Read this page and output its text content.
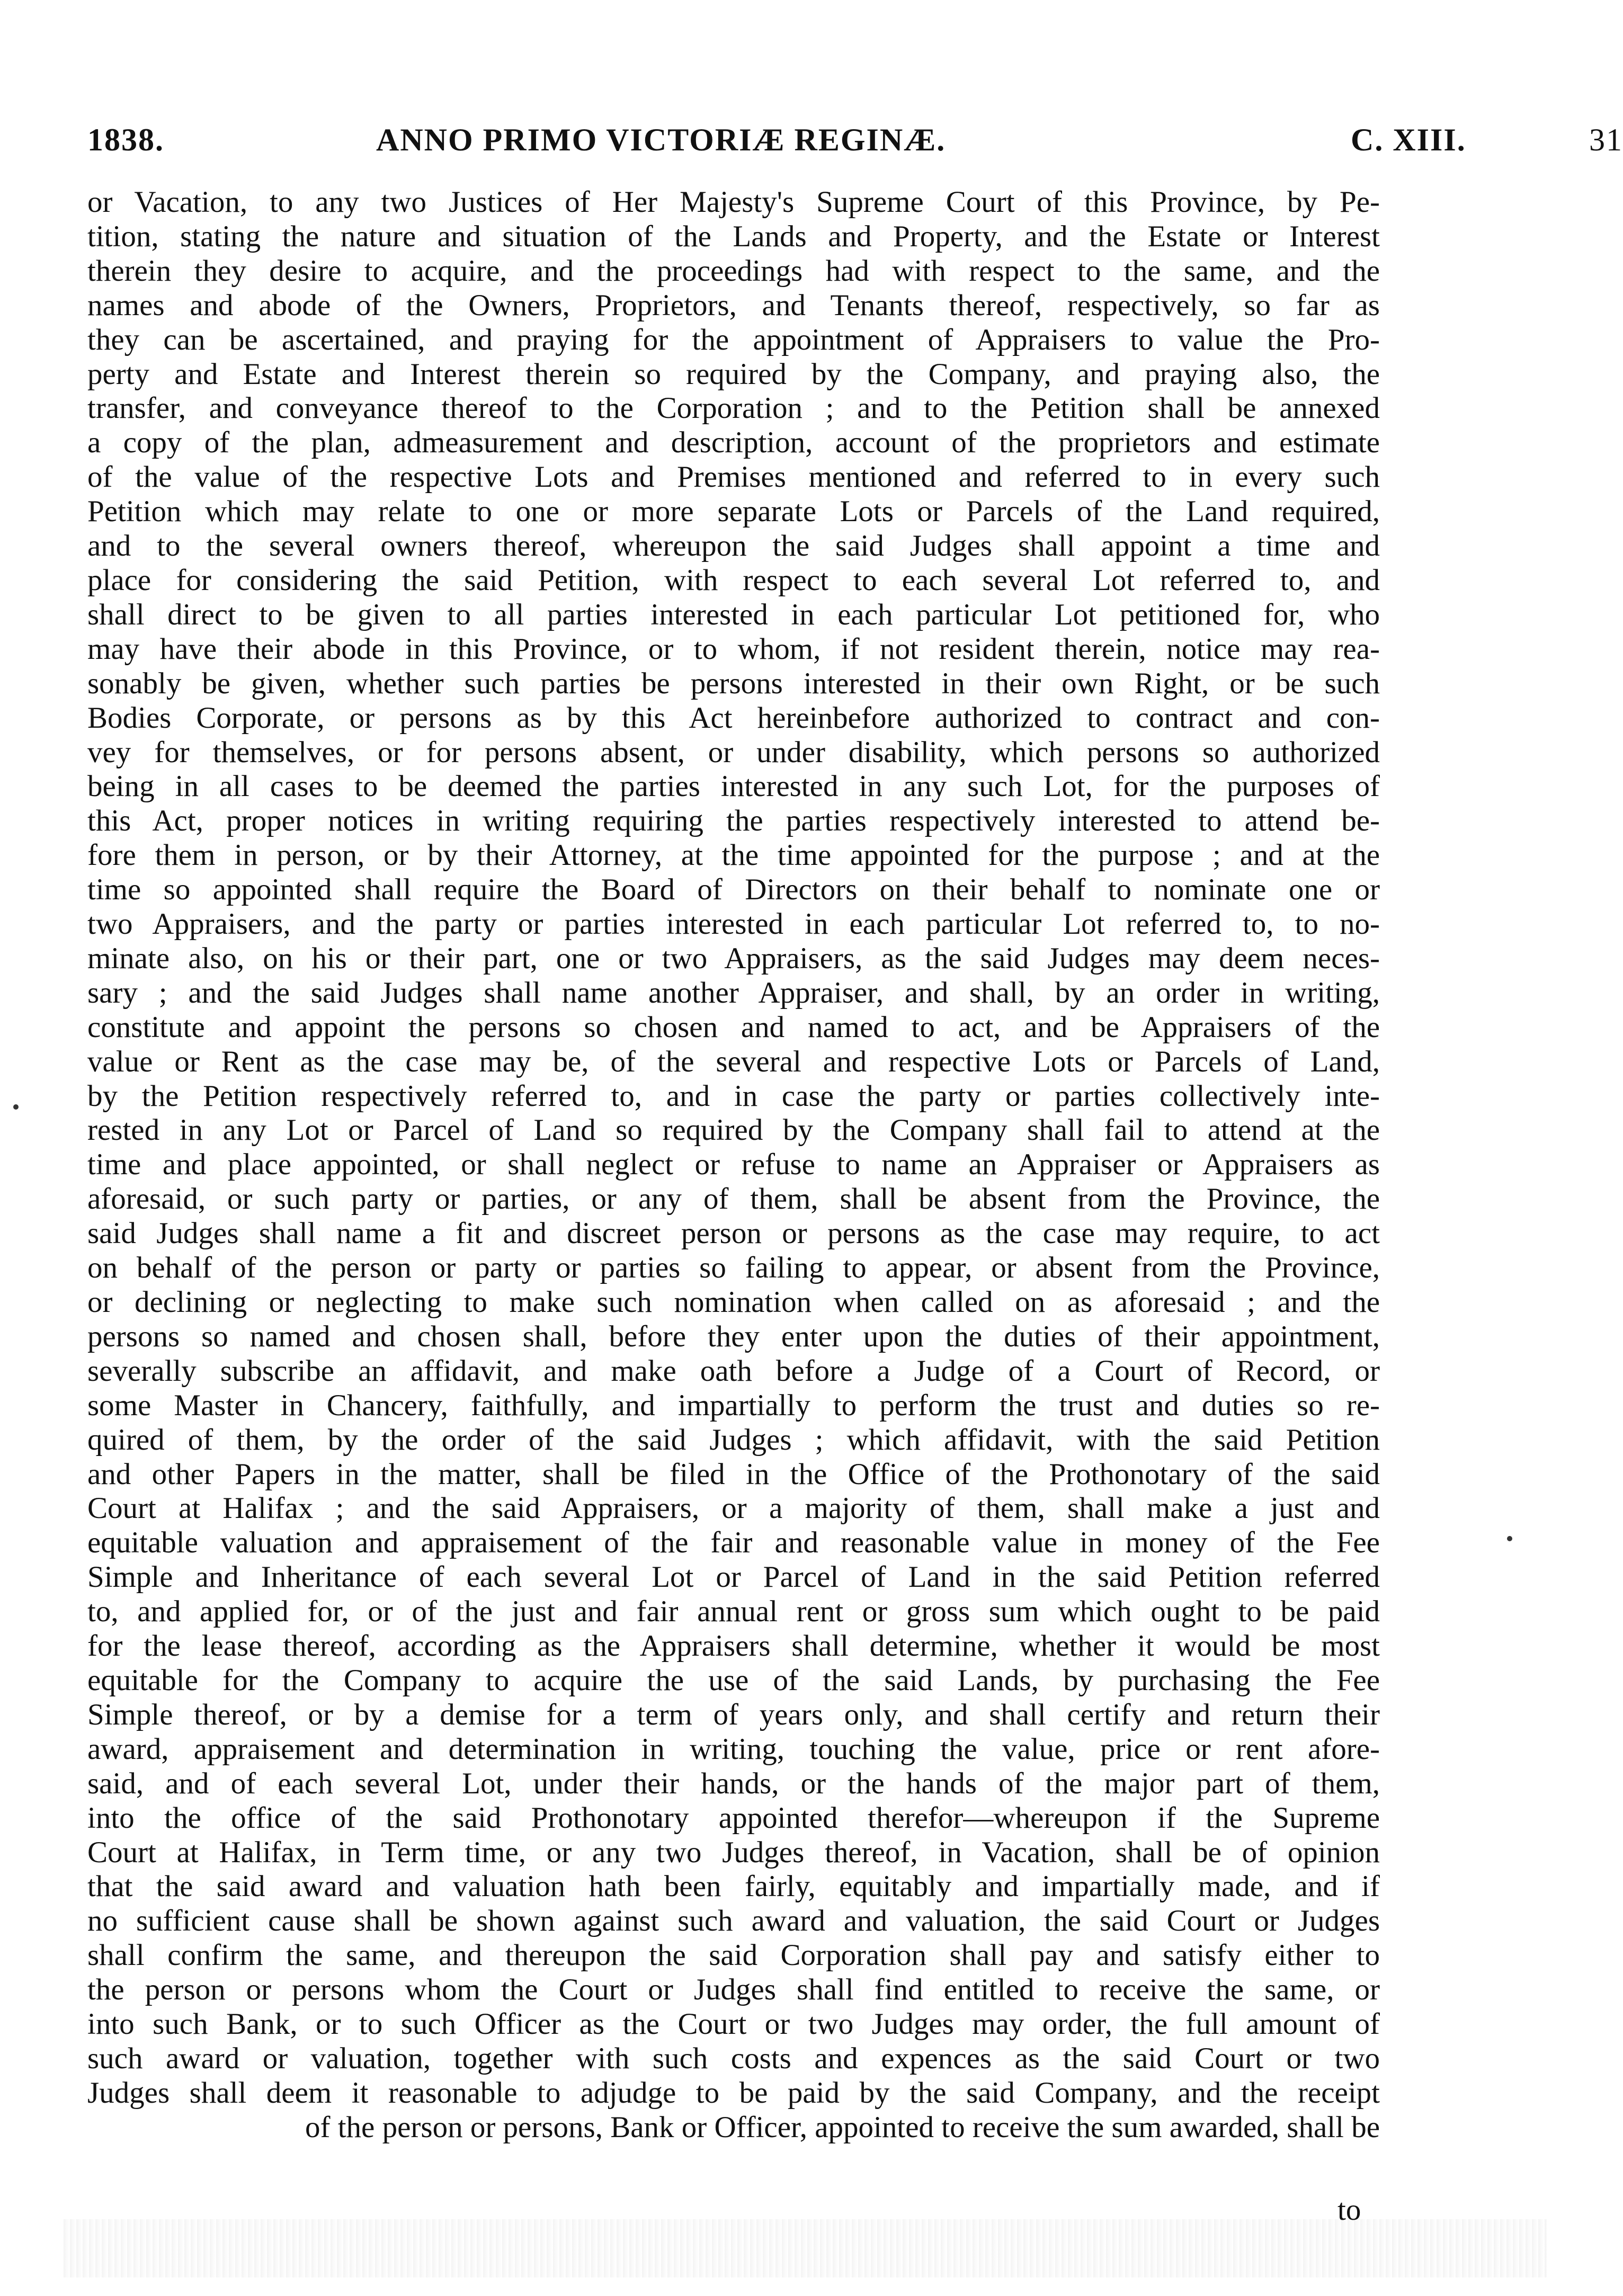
1838.	ANNO PRIMO VICTORIÆ REGINÆ.	C. XIII.	31
or Vacation, to any two Justices of Her Majesty's Supreme Court of this Province, by Pe-
tition, stating the nature and situation of the Lands and Property, and the Estate or Interest
therein they desire to acquire, and the proceedings had with respect to the same, and the
names and abode of the Owners, Proprietors, and Tenants thereof, respectively, so far as
they can be ascertained, and praying for the appointment of Appraisers to value the Pro-
perty and Estate and Interest therein so required by the Company, and praying also, the
transfer, and conveyance thereof to the Corporation ; and to the Petition shall be annexed
a copy of the plan, admeasurement and description, account of the proprietors and estimate
of the value of the respective Lots and Premises mentioned and referred to in every such
Petition which may relate to one or more separate Lots or Parcels of the Land required,
and to the several owners thereof, whereupon the said Judges shall appoint a time and
place for considering the said Petition, with respect to each several Lot referred to, and
shall direct to be given to all parties interested in each particular Lot petitioned for, who
may have their abode in this Province, or to whom, if not resident therein, notice may rea-
sonably be given, whether such parties be persons interested in their own Right, or be such
Bodies Corporate, or persons as by this Act hereinbefore authorized to contract and con-
vey for themselves, or for persons absent, or under disability, which persons so authorized
being in all cases to be deemed the parties interested in any such Lot, for the purposes of
this Act, proper notices in writing requiring the parties respectively interested to attend be-
fore them in person, or by their Attorney, at the time appointed for the purpose ; and at the
time so appointed shall require the Board of Directors on their behalf to nominate one or
two Appraisers, and the party or parties interested in each particular Lot referred to, to no-
minate also, on his or their part, one or two Appraisers, as the said Judges may deem neces-
sary ; and the said Judges shall name another Appraiser, and shall, by an order in writing,
constitute and appoint the persons so chosen and named to act, and be Appraisers of the
value or Rent as the case may be, of the several and respective Lots or Parcels of Land,
by the Petition respectively referred to, and in case the party or parties collectively inte-
rested in any Lot or Parcel of Land so required by the Company shall fail to attend at the
time and place appointed, or shall neglect or refuse to name an Appraiser or Appraisers as
aforesaid, or such party or parties, or any of them, shall be absent from the Province, the
said Judges shall name a fit and discreet person or persons as the case may require, to act
on behalf of the person or party or parties so failing to appear, or absent from the Province,
or declining or neglecting to make such nomination when called on as aforesaid ; and the
persons so named and chosen shall, before they enter upon the duties of their appointment,
severally subscribe an affidavit, and make oath before a Judge of a Court of Record, or
some Master in Chancery, faithfully, and impartially to perform the trust and duties so re-
quired of them, by the order of the said Judges ; which affidavit, with the said Petition
and other Papers in the matter, shall be filed in the Office of the Prothonotary of the said
Court at Halifax ; and the said Appraisers, or a majority of them, shall make a just and
equitable valuation and appraisement of the fair and reasonable value in money of the Fee
Simple and Inheritance of each several Lot or Parcel of Land in the said Petition referred
to, and applied for, or of the just and fair annual rent or gross sum which ought to be paid
for the lease thereof, according as the Appraisers shall determine, whether it would be most
equitable for the Company to acquire the use of the said Lands, by purchasing the Fee
Simple thereof, or by a demise for a term of years only, and shall certify and return their
award, appraisement and determination in writing, touching the value, price or rent afore-
said, and of each several Lot, under their hands, or the hands of the major part of them,
into the office of the said Prothonotary appointed therefor—whereupon if the Supreme
Court at Halifax, in Term time, or any two Judges thereof, in Vacation, shall be of opinion
that the said award and valuation hath been fairly, equitably and impartially made, and if
no sufficient cause shall be shown against such award and valuation, the said Court or Judges
shall confirm the same, and thereupon the said Corporation shall pay and satisfy either to
the person or persons whom the Court or Judges shall find entitled to receive the same, or
into such Bank, or to such Officer as the Court or two Judges may order, the full amount of
such award or valuation, together with such costs and expences as the said Court or two
Judges shall deem it reasonable to adjudge to be paid by the said Company, and the receipt
of the person or persons, Bank or Officer, appointed to receive the sum awarded, shall be
to
